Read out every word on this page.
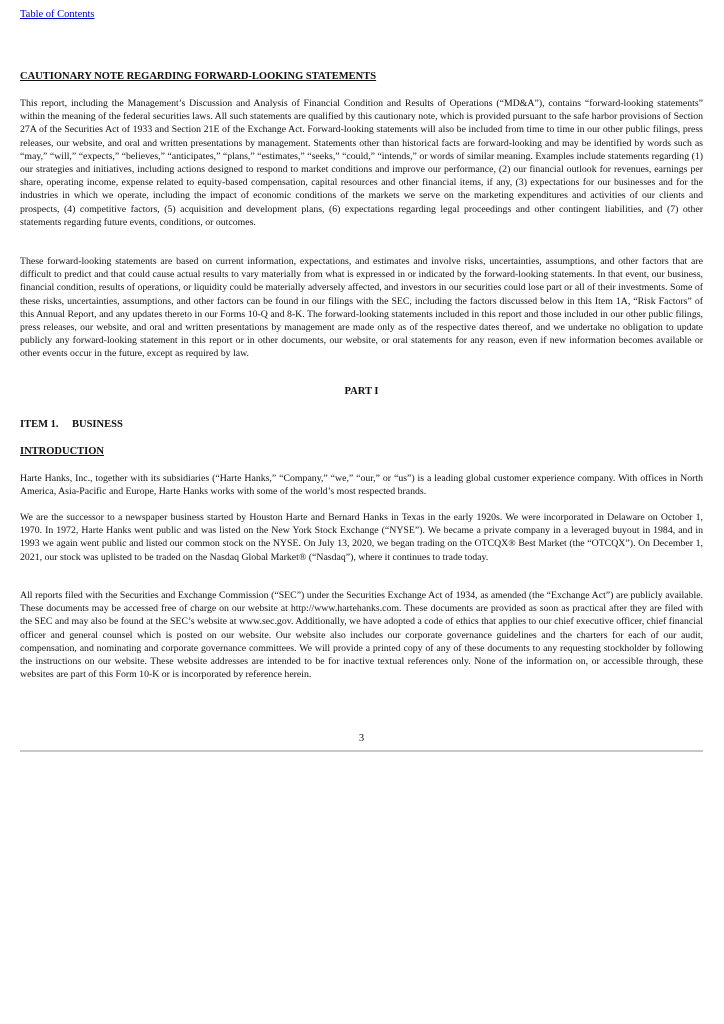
Table of Contents
CAUTIONARY NOTE REGARDING FORWARD-LOOKING STATEMENTS

This report, including the Management’s Discussion and Analysis of Financial Condition and Results of Operations (“MD&A”), contains “forward-looking statements” within the meaning of the federal securities laws. All such statements are qualified by this cautionary note, which is provided pursuant to the safe harbor provisions of Section 27A of the Securities Act of 1933 and Section 21E of the Exchange Act. Forward-looking statements will also be included from time to time in our other public filings, press releases, our website, and oral and written presentations by management. Statements other than historical facts are forward-looking and may be identified by words such as “may,” “will,” “expects,” “believes,” “anticipates,” “plans,” “estimates,” “seeks,” “could,” “intends,” or words of similar meaning. Examples include statements regarding (1) our strategies and initiatives, including actions designed to respond to market conditions and improve our performance, (2) our financial outlook for revenues, earnings per share, operating income, expense related to equity-based compensation, capital resources and other financial items, if any, (3) expectations for our businesses and for the industries in which we operate, including the impact of economic conditions of the markets we serve on the marketing expenditures and activities of our clients and prospects, (4) competitive factors, (5) acquisition and development plans, (6) expectations regarding legal proceedings and other contingent liabilities, and (7) other statements regarding future events, conditions, or outcomes.

These forward-looking statements are based on current information, expectations, and estimates and involve risks, uncertainties, assumptions, and other factors that are difficult to predict and that could cause actual results to vary materially from what is expressed in or indicated by the forward-looking statements. In that event, our business, financial condition, results of operations, or liquidity could be materially adversely affected, and investors in our securities could lose part or all of their investments. Some of these risks, uncertainties, assumptions, and other factors can be found in our filings with the SEC, including the factors discussed below in this Item 1A, “Risk Factors” of this Annual Report, and any updates thereto in our Forms 10-Q and 8-K. The forward-looking statements included in this report and those included in our other public filings, press releases, our website, and oral and written presentations by management are made only as of the respective dates thereof, and we undertake no obligation to update publicly any forward-looking statement in this report or in other documents, our website, or oral statements for any reason, even if new information becomes available or other events occur in the future, except as required by law.

PART I
ITEM 1. BUSINESS
INTRODUCTION

Harte Hanks, Inc., together with its subsidiaries (“Harte Hanks,” “Company,” “we,” “our,” or “us”) is a leading global customer experience company. With offices in North America, Asia-Pacific and Europe, Harte Hanks works with some of the world’s most respected brands.

We are the successor to a newspaper business started by Houston Harte and Bernard Hanks in Texas in the early 1920s. We were incorporated in Delaware on October 1, 1970. In 1972, Harte Hanks went public and was listed on the New York Stock Exchange (“NYSE”). We became a private company in a leveraged buyout in 1984, and in 1993 we again went public and listed our common stock on the NYSE. On July 13, 2020, we began trading on the OTCQX® Best Market (the “OTCQX”). On December 1, 2021, our stock was uplisted to be traded on the Nasdaq Global Market® (“Nasdaq”), where it continues to trade today.

All reports filed with the Securities and Exchange Commission (“SEC”) under the Securities Exchange Act of 1934, as amended (the “Exchange Act”) are publicly available. These documents may be accessed free of charge on our website at http://www.hartehanks.com. These documents are provided as soon as practical after they are filed with the SEC and may also be found at the SEC’s website at www.sec.gov. Additionally, we have adopted a code of ethics that applies to our chief executive officer, chief financial officer and general counsel which is posted on our website. Our website also includes our corporate governance guidelines and the charters for each of our audit, compensation, and nominating and corporate governance committees. We will provide a printed copy of any of these documents to any requesting stockholder by following the instructions on our website. These website addresses are intended to be for inactive textual references only. None of the information on, or accessible through, these websites are part of this Form 10-K or is incorporated by reference herein.

3
